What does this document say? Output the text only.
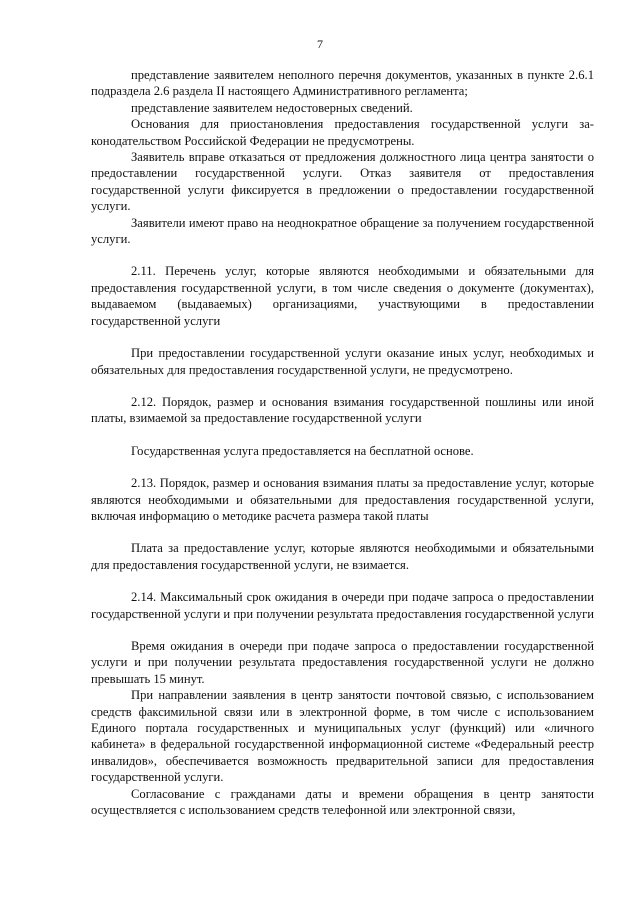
7

представление заявителем неполного перечня документов, указанных в пункте 2.6.1 подраздела 2.6 раздела II настоящего Административного регламента;

представление заявителем недостоверных сведений.

Основания для приостановления предоставления государственной услуги законодательством Российской Федерации не предусмотрены.

Заявитель вправе отказаться от предложения должностного лица центра занятости о предоставлении государственной услуги. Отказ заявителя от предоставления государственной услуги фиксируется в предложении о предоставлении государственной услуги.

Заявители имеют право на неоднократное обращение за получением государственной услуги.

2.11. Перечень услуг, которые являются необходимыми и обязательными для предоставления государственной услуги, в том числе сведения о документе (документах), выдаваемом (выдаваемых) организациями, участвующими в предоставлении государственной услуги

При предоставлении государственной услуги оказание иных услуг, необходимых и обязательных для предоставления государственной услуги, не предусмотрено.

2.12. Порядок, размер и основания взимания государственной пошлины или иной платы, взимаемой за предоставление государственной услуги

Государственная услуга предоставляется на бесплатной основе.

2.13. Порядок, размер и основания взимания платы за предоставление услуг, которые являются необходимыми и обязательными для предоставления государственной услуги, включая информацию о методике расчета размера такой платы

Плата за предоставление услуг, которые являются необходимыми и обязательными для предоставления государственной услуги, не взимается.

2.14. Максимальный срок ожидания в очереди при подаче запроса о предоставлении государственной услуги и при получении результата предоставления государственной услуги

Время ожидания в очереди при подаче запроса о предоставлении государственной услуги и при получении результата предоставления государственной услуги не должно превышать 15 минут.

При направлении заявления в центр занятости почтовой связью, с использованием средств факсимильной связи или в электронной форме, в том числе с использованием Единого портала государственных и муниципальных услуг (функций) или «личного кабинета» в федеральной государственной информационной системе «Федеральный реестр инвалидов», обеспечивается возможность предварительной записи для предоставления государственной услуги.

Согласование с гражданами даты и времени обращения в центр занятости осуществляется с использованием средств телефонной или электронной связи,
